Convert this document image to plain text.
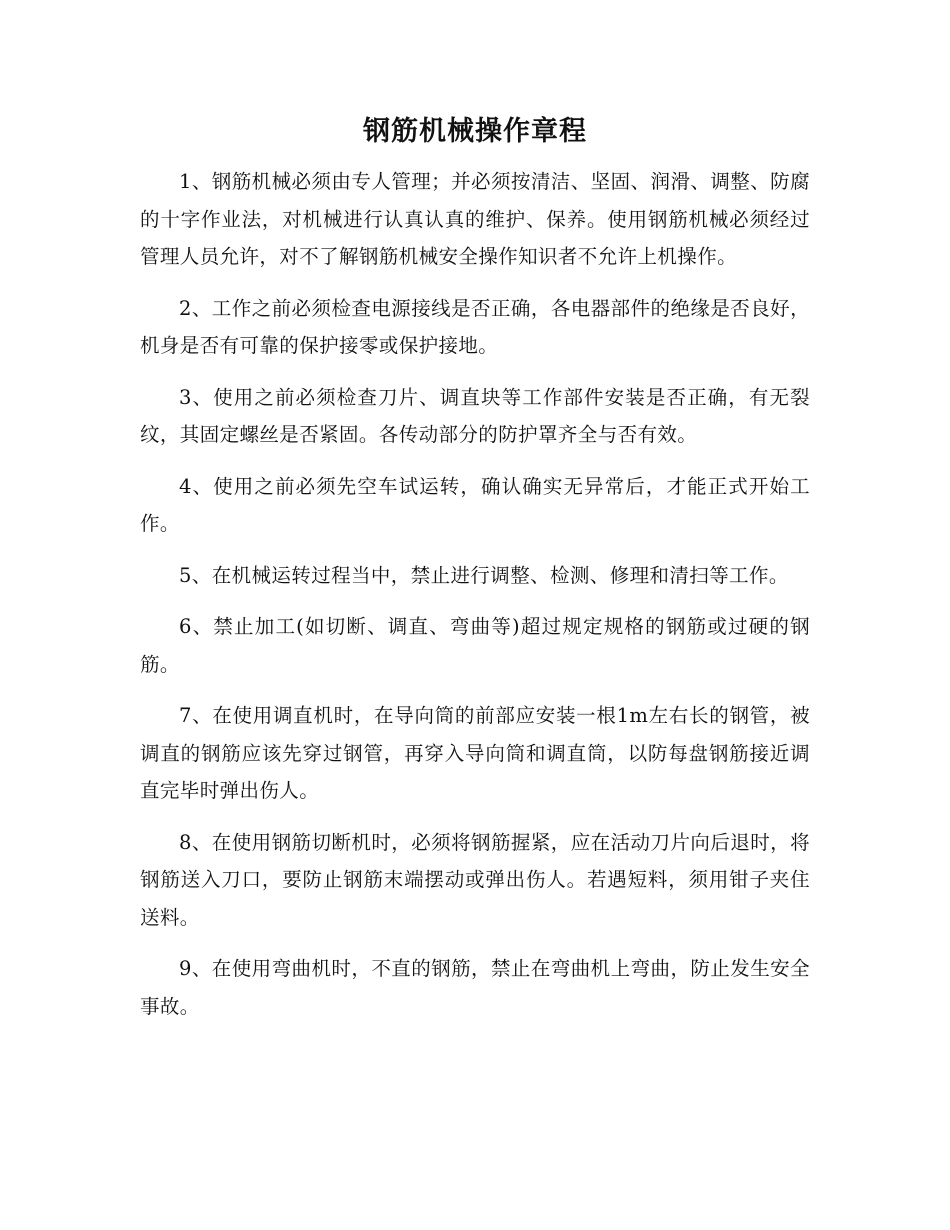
钢筋机械操作章程

1、钢筋机械必须由专人管理；并必须按清洁、坚固、润滑、调整、防腐的十字作业法，对机械进行认真认真的维护、保养。使用钢筋机械必须经过管理人员允许，对不了解钢筋机械安全操作知识者不允许上机操作。

2、工作之前必须检查电源接线是否正确，各电器部件的绝缘是否良好，机身是否有可靠的保护接零或保护接地。

3、使用之前必须检查刀片、调直块等工作部件安装是否正确，有无裂纹，其固定螺丝是否紧固。各传动部分的防护罩齐全与否有效。

4、使用之前必须先空车试运转，确认确实无异常后，才能正式开始工作。

5、在机械运转过程当中，禁止进行调整、检测、修理和清扫等工作。

6、禁止加工(如切断、调直、弯曲等)超过规定规格的钢筋或过硬的钢筋。

7、在使用调直机时，在导向筒的前部应安装一根1m左右长的钢管，被调直的钢筋应该先穿过钢管，再穿入导向筒和调直筒，以防每盘钢筋接近调直完毕时弹出伤人。

8、在使用钢筋切断机时，必须将钢筋握紧，应在活动刀片向后退时，将钢筋送入刀口，要防止钢筋末端摆动或弹出伤人。若遇短料，须用钳子夹住送料。

9、在使用弯曲机时，不直的钢筋，禁止在弯曲机上弯曲，防止发生安全事故。
